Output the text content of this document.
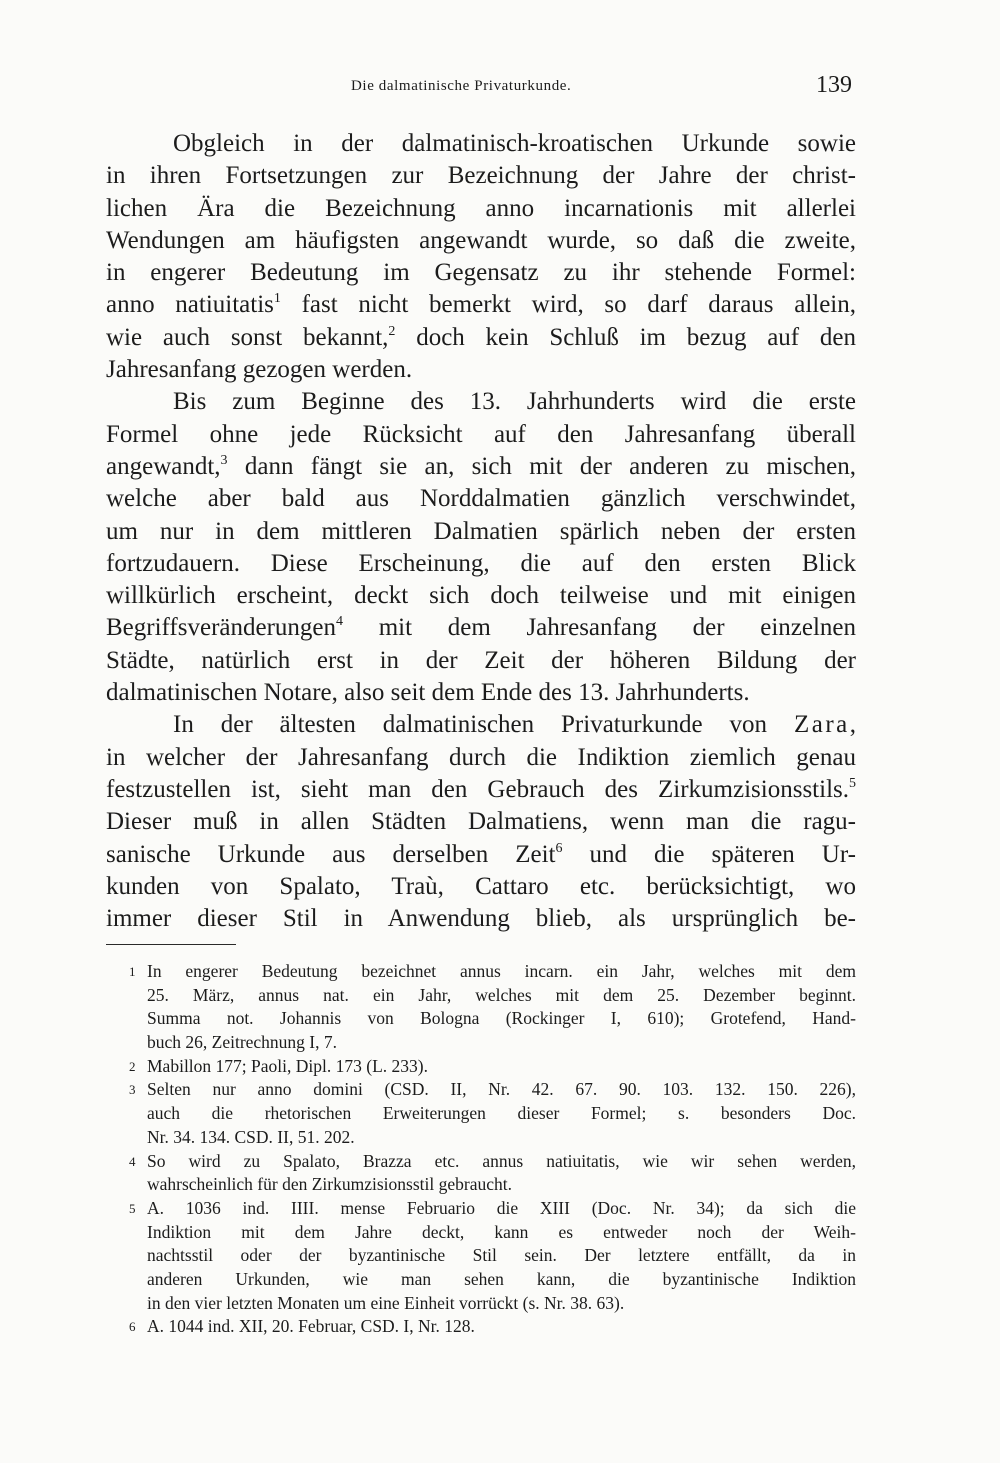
Die dalmatinische Privaturkunde.	139
Obgleich in der dalmatinisch-kroatischen Urkunde sowie
in ihren Fortsetzungen zur Bezeichnung der Jahre der christ-
lichen Ära die Bezeichnung anno incarnationis mit allerlei
Wendungen am häufigsten angewandt wurde, so daß die zweite,
in engerer Bedeutung im Gegensatz zu ihr stehende Formel:
anno natiuitatis$^1$ fast nicht bemerkt wird, so darf daraus allein,
wie auch sonst bekannt,$^2$ doch kein Schluß im bezug auf den
Jahresanfang gezogen werden.
Bis zum Beginne des 13. Jahrhunderts wird die erste
Formel ohne jede Rücksicht auf den Jahresanfang überall
angewandt,$^3$ dann fängt sie an, sich mit der anderen zu mischen,
welche aber bald aus Norddalmatien gänzlich verschwindet,
um nur in dem mittleren Dalmatien spärlich neben der ersten
fortzudauern. Diese Erscheinung, die auf den ersten Blick
willkürlich erscheint, deckt sich doch teilweise und mit einigen
Begriffsveränderungen$^4$ mit dem Jahresanfang der einzelnen
Städte, natürlich erst in der Zeit der höheren Bildung der
dalmatinischen Notare, also seit dem Ende des 13. Jahrhunderts.
In der ältesten dalmatinischen Privaturkunde von Zara,
in welcher der Jahresanfang durch die Indiktion ziemlich genau
festzustellen ist, sieht man den Gebrauch des Zirkumzisionsstils.$^5$
Dieser muß in allen Städten Dalmatiens, wenn man die ragu-
sanische Urkunde aus derselben Zeit$^6$ und die späteren Ur-
kunden von Spalato, Traù, Cattaro etc. berücksichtigt, wo
immer dieser Stil in Anwendung blieb, als ursprünglich be-
1 In engerer Bedeutung bezeichnet annus incarn. ein Jahr, welches mit dem
25. März, annus nat. ein Jahr, welches mit dem 25. Dezember beginnt.
Summa not. Johannis von Bologna (Rockinger I, 610); Grotefend, Hand-
buch 26, Zeitrechnung I, 7.
2 Mabillon 177; Paoli, Dipl. 173 (L. 233).
3 Selten nur anno domini (CSD. II, Nr. 42. 67. 90. 103. 132. 150. 226),
auch die rhetorischen Erweiterungen dieser Formel; s. besonders Doc.
Nr. 34. 134. CSD. II, 51. 202.
4 So wird zu Spalato, Brazza etc. annus natiuitatis, wie wir sehen werden,
wahrscheinlich für den Zirkumzisionsstil gebraucht.
5 A. 1036 ind. IIII. mense Februario die XIII (Doc. Nr. 34); da sich die
Indiktion mit dem Jahre deckt, kann es entweder noch der Weih-
nachtsstil oder der byzantinische Stil sein. Der letztere entfällt, da in
anderen Urkunden, wie man sehen kann, die byzantinische Indiktion
in den vier letzten Monaten um eine Einheit vorrückt (s. Nr. 38. 63).
6 A. 1044 ind. XII, 20. Februar, CSD. I, Nr. 128.
